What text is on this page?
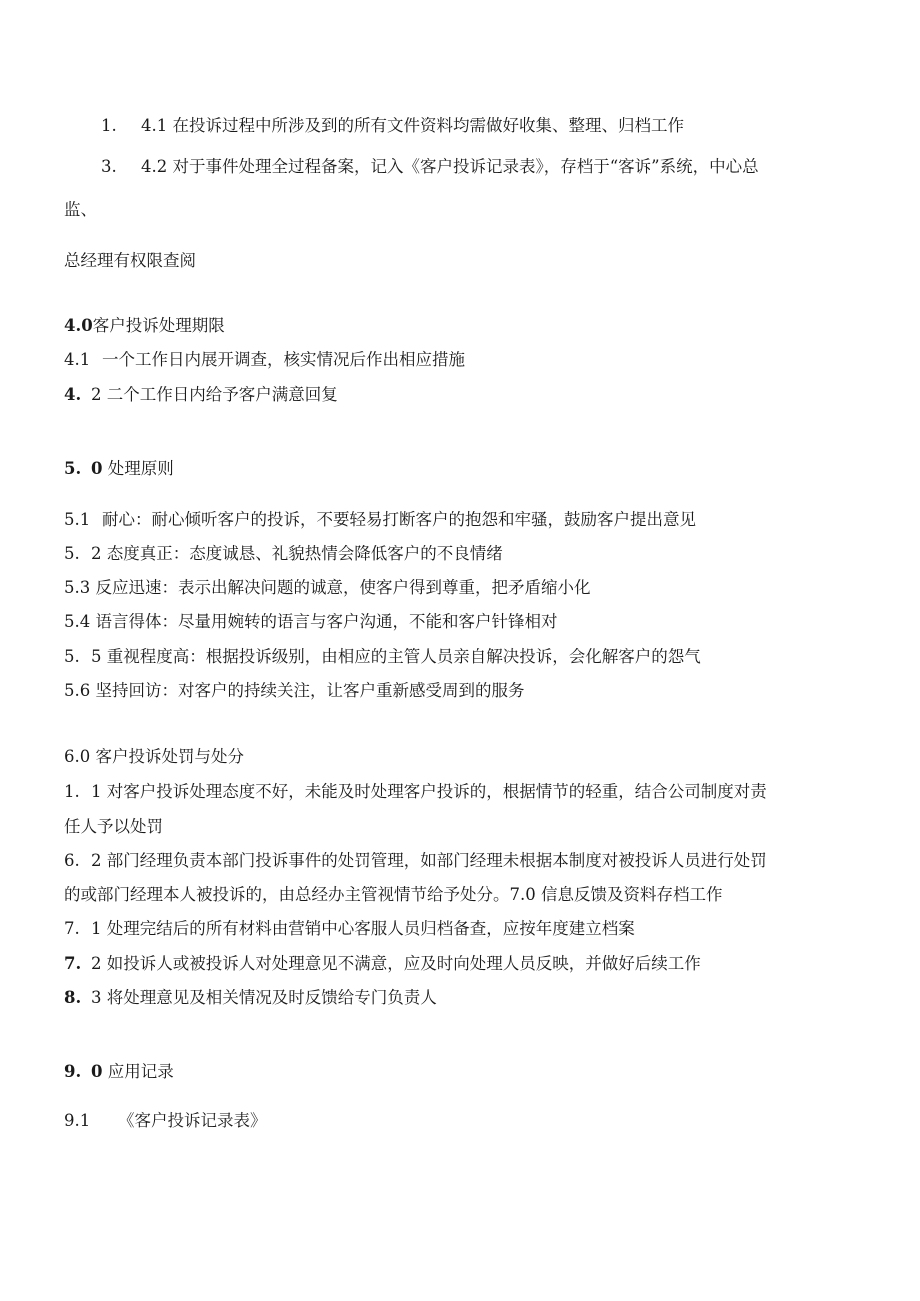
1. 4.1 在投诉过程中所涉及到的所有文件资料均需做好收集、整理、归档工作
3. 4.2 对于事件处理全过程备案，记入《客户投诉记录表》，存档于“客诉”系统，中心总
监、
总经理有权限查阅
4.0客户投诉处理期限
4.1 一个工作日内展开调查，核实情况后作出相应措施
4. 2 二个工作日内给予客户满意回复
5. 0 处理原则
5.1 耐心：耐心倾听客户的投诉，不要轻易打断客户的抱怨和牢骚，鼓励客户提出意见
5. 2 态度真正：态度诚恳、礼貌热情会降低客户的不良情绪
5.3 反应迅速：表示出解决问题的诚意，使客户得到尊重，把矛盾缩小化
5.4 语言得体：尽量用婉转的语言与客户沟通，不能和客户针锋相对
5. 5 重视程度高：根据投诉级别，由相应的主管人员亲自解决投诉，会化解客户的怨气
5.6 坚持回访：对客户的持续关注，让客户重新感受周到的服务
6.0 客户投诉处罚与处分
1. 1 对客户投诉处理态度不好，未能及时处理客户投诉的，根据情节的轻重，结合公司制度对责
任人予以处罚
6. 2 部门经理负责本部门投诉事件的处罚管理，如部门经理未根据本制度对被投诉人员进行处罚
的或部门经理本人被投诉的，由总经办主管视情节给予处分。7.0 信息反馈及资料存档工作
7. 1 处理完结后的所有材料由营销中心客服人员归档备查，应按年度建立档案
7. 2 如投诉人或被投诉人对处理意见不满意，应及时向处理人员反映，并做好后续工作
8. 3 将处理意见及相关情况及时反馈给专门负责人
9. 0 应用记录
9.1 《客户投诉记录表》
